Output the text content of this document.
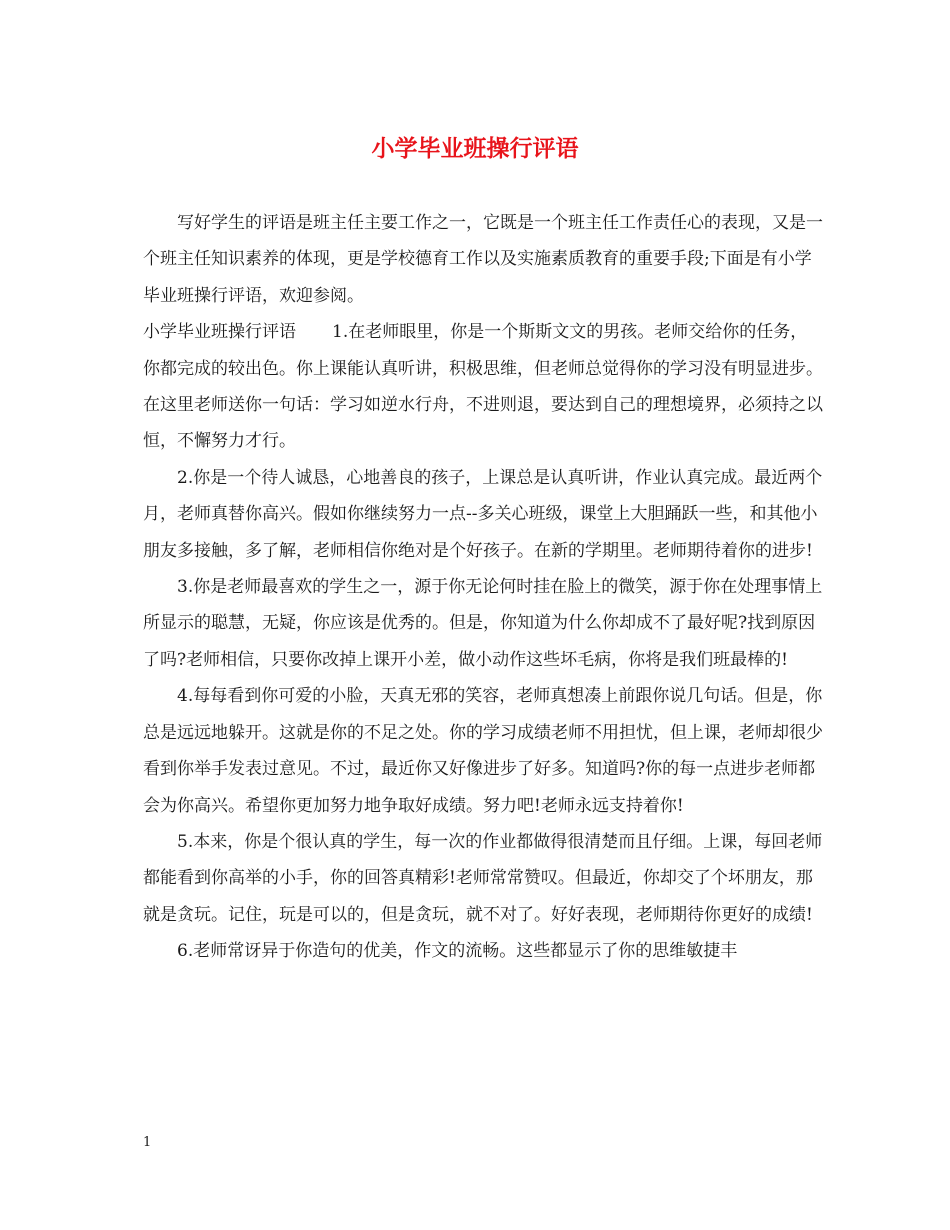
小学毕业班操行评语

写好学生的评语是班主任主要工作之一，它既是一个班主任工作责任心的表现，又是一个班主任知识素养的体现，更是学校德育工作以及实施素质教育的重要手段;下面是有小学毕业班操行评语，欢迎参阅。

小学毕业班操行评语 1.在老师眼里，你是一个斯斯文文的男孩。老师交给你的任务，你都完成的较出色。你上课能认真听讲，积极思维，但老师总觉得你的学习没有明显进步。在这里老师送你一句话：学习如逆水行舟，不进则退，要达到自己的理想境界，必须持之以恒，不懈努力才行。

2.你是一个待人诚恳，心地善良的孩子，上课总是认真听讲，作业认真完成。最近两个月，老师真替你高兴。假如你继续努力一点--多关心班级，课堂上大胆踊跃一些，和其他小朋友多接触，多了解，老师相信你绝对是个好孩子。在新的学期里。老师期待着你的进步!

3.你是老师最喜欢的学生之一，源于你无论何时挂在脸上的微笑，源于你在处理事情上所显示的聪慧，无疑，你应该是优秀的。但是，你知道为什么你却成不了最好呢?找到原因了吗?老师相信，只要你改掉上课开小差，做小动作这些坏毛病，你将是我们班最棒的!

4.每每看到你可爱的小脸，天真无邪的笑容，老师真想凑上前跟你说几句话。但是，你总是远远地躲开。这就是你的不足之处。你的学习成绩老师不用担忧，但上课，老师却很少看到你举手发表过意见。不过，最近你又好像进步了好多。知道吗?你的每一点进步老师都会为你高兴。希望你更加努力地争取好成绩。努力吧!老师永远支持着你!

5.本来，你是个很认真的学生，每一次的作业都做得很清楚而且仔细。上课，每回老师都能看到你高举的小手，你的回答真精彩!老师常常赞叹。但最近，你却交了个坏朋友，那就是贪玩。记住，玩是可以的，但是贪玩，就不对了。好好表现，老师期待你更好的成绩!

6.老师常讶异于你造句的优美，作文的流畅。这些都显示了你的思维敏捷丰

1
